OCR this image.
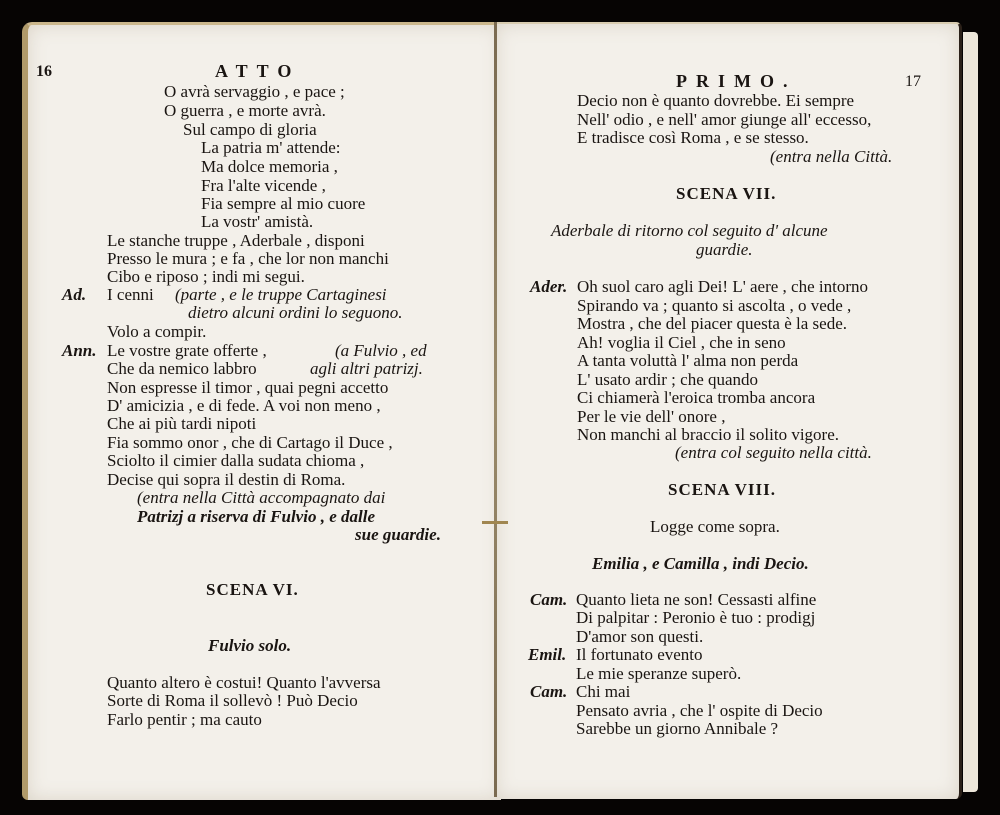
16	ATTO
O avrà servaggio , e pace ;
O guerra , e morte avrà.
Sul campo di gloria
La patria m' attende:
Ma dolce memoria ,
Fra l'alte vicende ,
Fia sempre al mio cuore
La vostr' amistà.
Le stanche truppe , Aderbale , disponi
Presso le mura ; e fa , che lor non manchi
Cibo e riposo ; indi mi segui.
Ad. I cenni (parte , e le truppe Cartaginesi
dietro alcuni ordini lo seguono.
Volo a compir.
Ann. Le vostre grate offerte ,	(a Fulvio , ed
Che da nemico labbro	agli altri patrizj.
Non espresse il timor , quai pegni accetto
D' amicizia , e di fede. A voi non meno ,
Che ai più tardi nipoti
Fia sommo onor , che di Cartago il Duce ,
Sciolto il cimier dalla sudata chioma ,
Decise qui sopra il destin di Roma.
(entra nella Città accompagnato dai
Patrizj a riserva di Fulvio , e dalle
sue guardie.
SCENA VI.
Fulvio solo.
Quanto altero è costui! Quanto l'avversa
Sorte di Roma il sollevò ! Può Decio
Farlo pentir ; ma cauto
PRIMO.	17
Decio non è quanto dovrebbe. Ei sempre
Nell' odio , e nell' amor giunge all' eccesso,
E tradisce così Roma , e se stesso.
(entra nella Città.
SCENA VII.
Aderbale di ritorno col seguito d' alcune
guardie.
Ader. Oh suol caro agli Dei! L' aere , che intorno
Spirando va ; quanto si ascolta , o vede ,
Mostra , che del piacer questa è la sede.
Ah! voglia il Ciel , che in seno
A tanta voluttà l' alma non perda
L' usato ardir ; che quando
Ci chiamerà l'eroica tromba ancora
Per le vie dell' onore ,
Non manchi al braccio il solito vigore.
(entra col seguito nella città.
SCENA VIII.
Logge come sopra.
Emilia , e Camilla , indi Decio.
Cam. Quanto lieta ne son! Cessasti alfine
Di palpitar : Peronio è tuo : prodigj
D'amor son questi.
Emil. Il fortunato evento
Le mie speranze superò.
Cam. Chi mai
Pensato avria , che l' ospite di Decio
Sarebbe un giorno Annibale ?
